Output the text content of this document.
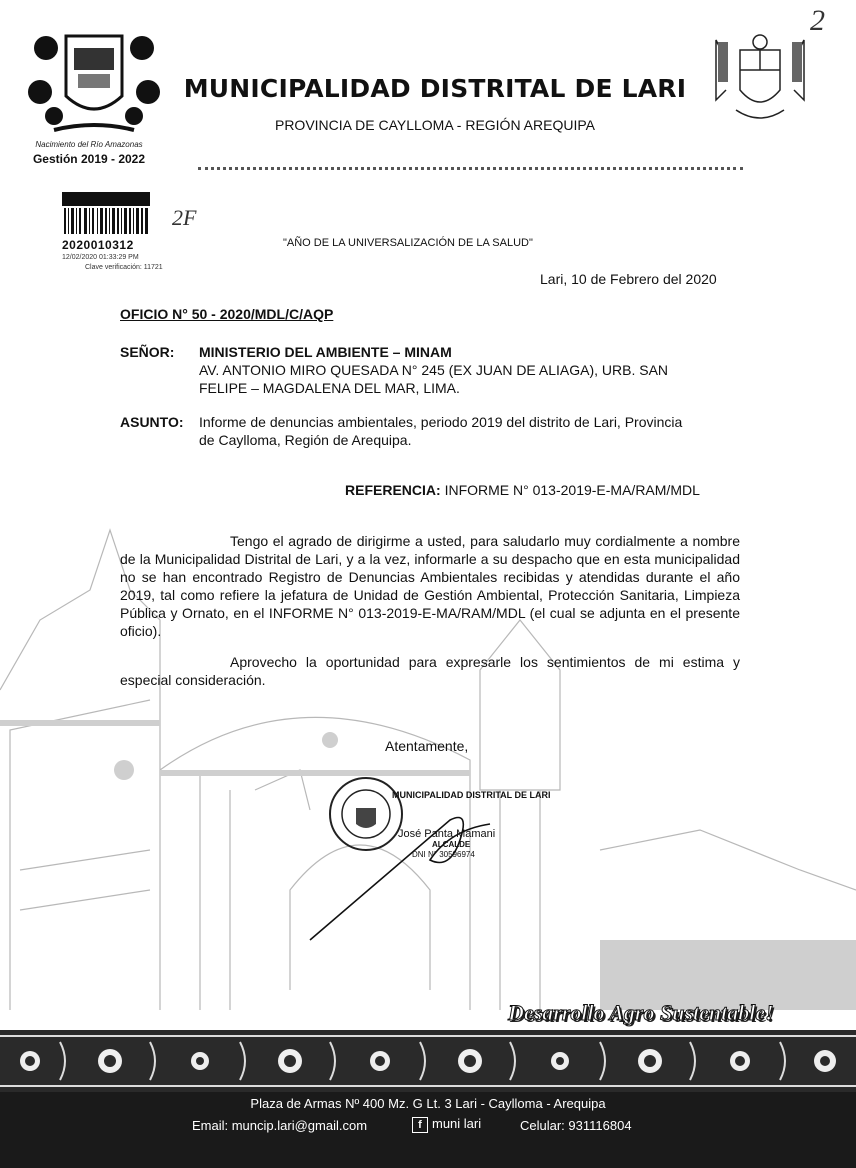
Nacimiento del Río Amazonas
Gestión 2019 - 2022
MUNICIPALIDAD DISTRITAL DE LARI
PROVINCIA DE CAYLLOMA - REGIÓN AREQUIPA
2
2020010312
12/02/2020 01:33:29 PM
Clave verificación: 11721
2F
"AÑO DE LA UNIVERSALIZACIÓN DE LA SALUD"
Lari, 10 de Febrero del 2020
OFICIO N° 50 - 2020/MDL/C/AQP
SEÑOR: MINISTERIO DEL AMBIENTE – MINAM
AV. ANTONIO MIRO QUESADA N° 245 (EX JUAN DE ALIAGA), URB. SAN
FELIPE – MAGDALENA DEL MAR, LIMA.
ASUNTO: Informe de denuncias ambientales, periodo 2019 del distrito de Lari, Provincia
de Caylloma, Región de Arequipa.
REFERENCIA: INFORME N° 013-2019-E-MA/RAM/MDL
Tengo el agrado de dirigirme a usted, para saludarlo muy cordialmente a nombre de la Municipalidad Distrital de Lari, y a la vez, informarle a su despacho que en esta municipalidad no se han encontrado Registro de Denuncias Ambientales recibidas y atendidas durante el año 2019, tal como refiere la jefatura de Unidad de Gestión Ambiental, Protección Sanitaria, Limpieza Pública y Ornato, en el INFORME N° 013-2019-E-MA/RAM/MDL (el cual se adjunta en el presente oficio).
Aprovecho la oportunidad para expresarle los sentimientos de mi estima y especial consideración.
Atentamente,
MUNICIPALIDAD DISTRITAL DE LARI
José Panta Mamani
ALCALDE
DNI N° 30596974
Desarrollo Agro Sustentable!
Plaza de Armas Nº 400 Mz. G Lt. 3 Lari - Caylloma - Arequipa
Email: muncip.lari@gmail.com	f muni lari	Celular: 931116804
